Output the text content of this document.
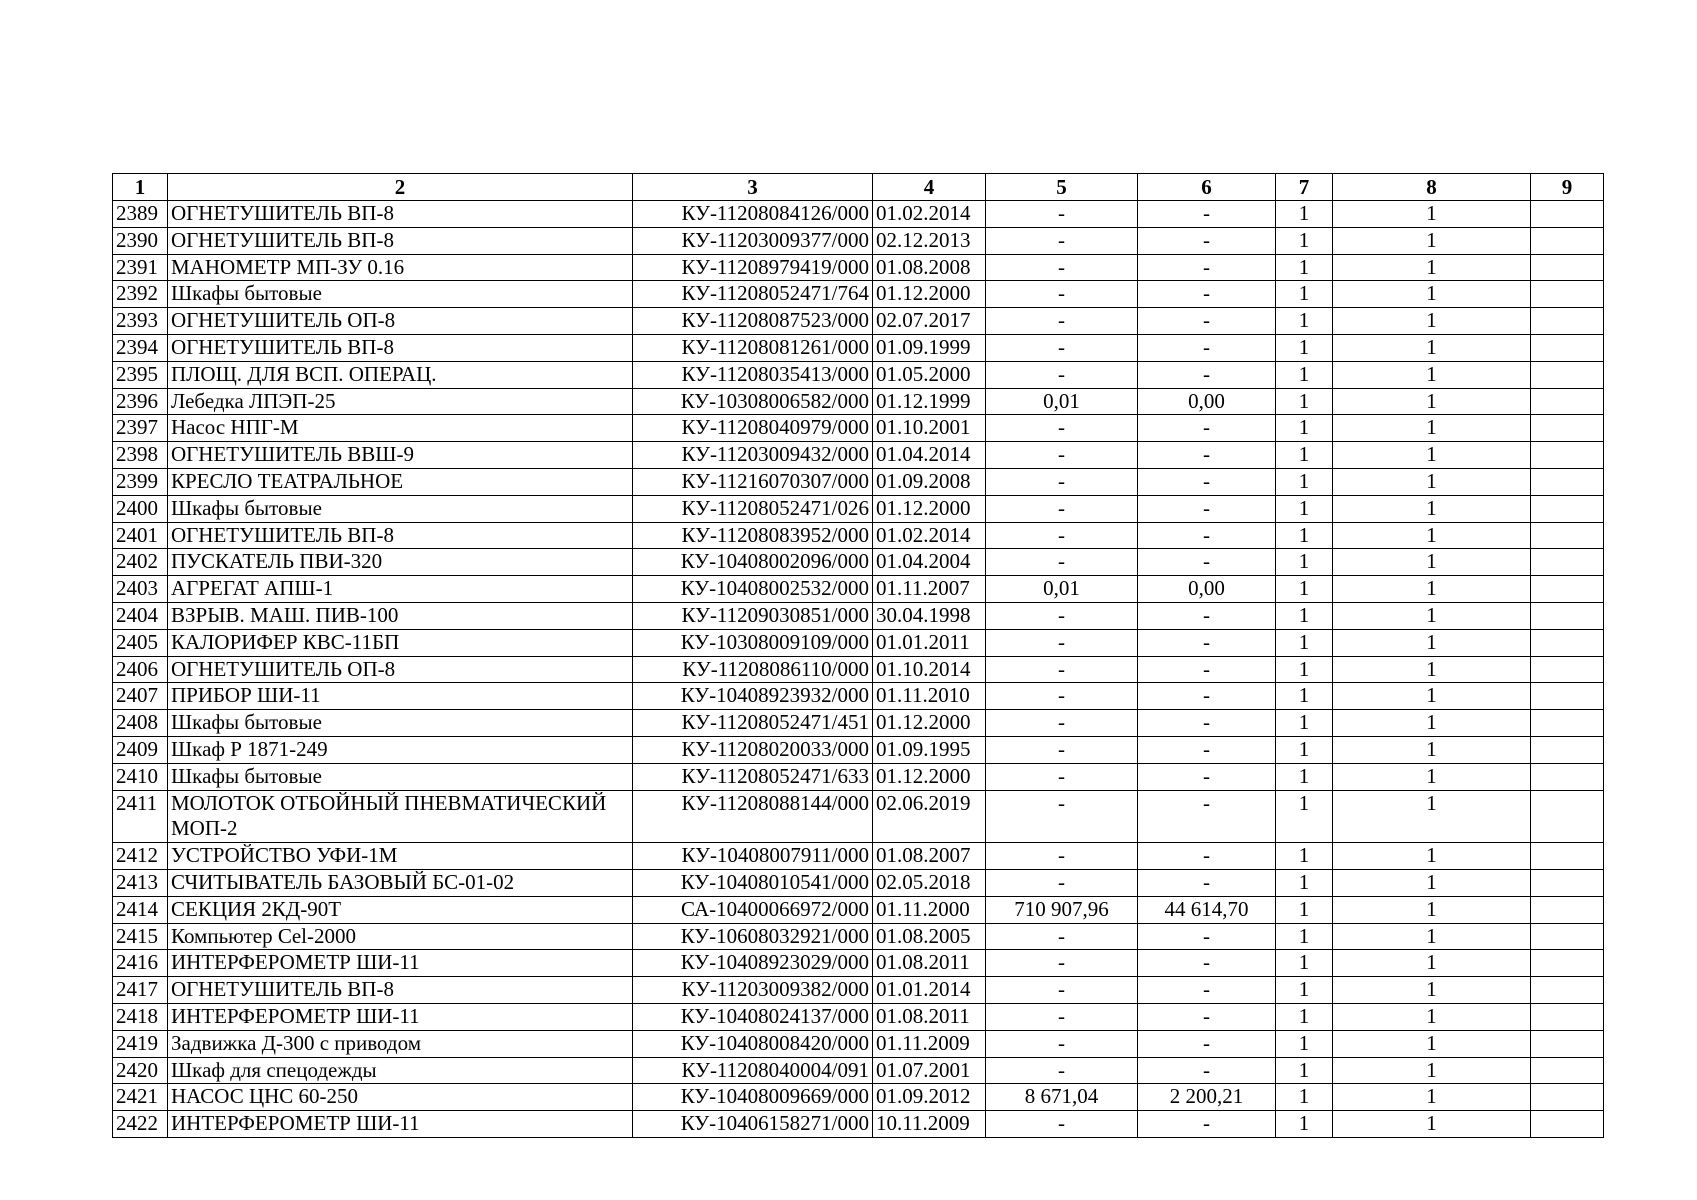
1	2	3	4	5	6	7	8	9
2389	ОГНЕТУШИТЕЛЬ ВП-8	КУ-11208084126/000	01.02.2014	-	-	1	1	
2390	ОГНЕТУШИТЕЛЬ ВП-8	КУ-11203009377/000	02.12.2013	-	-	1	1	
2391	МАНОМЕТР МП-ЗУ 0.16	КУ-11208979419/000	01.08.2008	-	-	1	1	
2392	Шкафы бытовые	КУ-11208052471/764	01.12.2000	-	-	1	1	
2393	ОГНЕТУШИТЕЛЬ ОП-8	КУ-11208087523/000	02.07.2017	-	-	1	1	
2394	ОГНЕТУШИТЕЛЬ ВП-8	КУ-11208081261/000	01.09.1999	-	-	1	1	
2395	ПЛОЩ. ДЛЯ ВСП. ОПЕРАЦ.	КУ-11208035413/000	01.05.2000	-	-	1	1	
2396	Лебедка ЛПЭП-25	КУ-10308006582/000	01.12.1999	0,01	0,00	1	1	
2397	Насос НПГ-М	КУ-11208040979/000	01.10.2001	-	-	1	1	
2398	ОГНЕТУШИТЕЛЬ ВВШ-9	КУ-11203009432/000	01.04.2014	-	-	1	1	
2399	КРЕСЛО ТЕАТРАЛЬНОЕ	КУ-11216070307/000	01.09.2008	-	-	1	1	
2400	Шкафы бытовые	КУ-11208052471/026	01.12.2000	-	-	1	1	
2401	ОГНЕТУШИТЕЛЬ ВП-8	КУ-11208083952/000	01.02.2014	-	-	1	1	
2402	ПУСКАТЕЛЬ ПВИ-320	КУ-10408002096/000	01.04.2004	-	-	1	1	
2403	АГРЕГАТ АПШ-1	КУ-10408002532/000	01.11.2007	0,01	0,00	1	1	
2404	ВЗРЫВ. МАШ. ПИВ-100	КУ-11209030851/000	30.04.1998	-	-	1	1	
2405	КАЛОРИФЕР КВС-11БП	КУ-10308009109/000	01.01.2011	-	-	1	1	
2406	ОГНЕТУШИТЕЛЬ ОП-8	КУ-11208086110/000	01.10.2014	-	-	1	1	
2407	ПРИБОР ШИ-11	КУ-10408923932/000	01.11.2010	-	-	1	1	
2408	Шкафы бытовые	КУ-11208052471/451	01.12.2000	-	-	1	1	
2409	Шкаф Р 1871-249	КУ-11208020033/000	01.09.1995	-	-	1	1	
2410	Шкафы бытовые	КУ-11208052471/633	01.12.2000	-	-	1	1	
2411	МОЛОТОК ОТБОЙНЫЙ ПНЕВМАТИЧЕСКИЙ МОП-2	КУ-11208088144/000	02.06.2019	-	-	1	1	
2412	УСТРОЙСТВО УФИ-1М	КУ-10408007911/000	01.08.2007	-	-	1	1	
2413	СЧИТЫВАТЕЛЬ БАЗОВЫЙ БС-01-02	КУ-10408010541/000	02.05.2018	-	-	1	1	
2414	СЕКЦИЯ 2КД-90Т	СА-10400066972/000	01.11.2000	710 907,96	44 614,70	1	1	
2415	Компьютер Cel-2000	КУ-10608032921/000	01.08.2005	-	-	1	1	
2416	ИНТЕРФЕРОМЕТР ШИ-11	КУ-10408923029/000	01.08.2011	-	-	1	1	
2417	ОГНЕТУШИТЕЛЬ ВП-8	КУ-11203009382/000	01.01.2014	-	-	1	1	
2418	ИНТЕРФЕРОМЕТР ШИ-11	КУ-10408024137/000	01.08.2011	-	-	1	1	
2419	Задвижка Д-300 с приводом	КУ-10408008420/000	01.11.2009	-	-	1	1	
2420	Шкаф для спецодежды	КУ-11208040004/091	01.07.2001	-	-	1	1	
2421	НАСОС ЦНС 60-250	КУ-10408009669/000	01.09.2012	8 671,04	2 200,21	1	1	
2422	ИНТЕРФЕРОМЕТР ШИ-11	КУ-10406158271/000	10.11.2009	-	-	1	1	
